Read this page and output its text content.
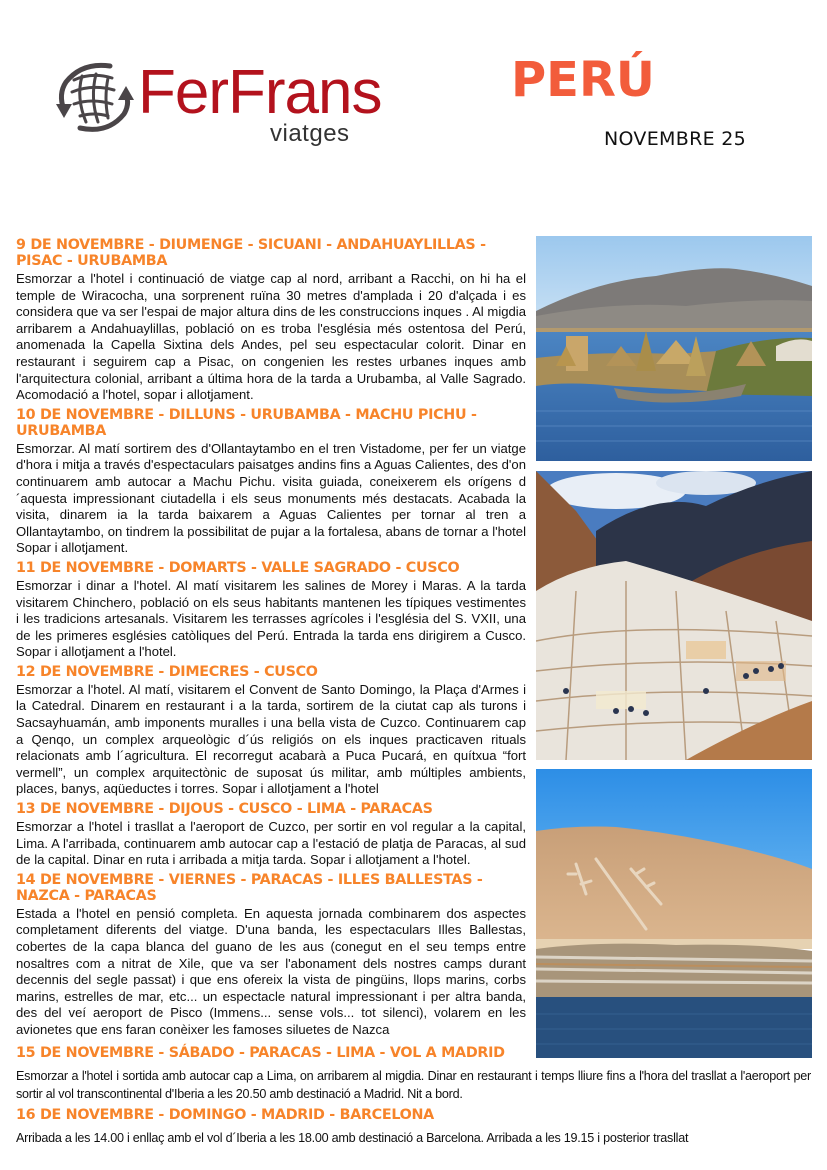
FerFrans
viatges
PERÚ
NOVEMBRE 25
9 DE NOVEMBRE - DIUMENGE - SICUANI - ANDAHUAYLILLAS - PISAC - URUBAMBA

Esmorzar a l'hotel i continuació de viatge cap al nord, arribant a Racchi, on hi ha el temple de Wiracocha, una sorprenent ruïna 30 metres d'amplada i 20 d'alçada i es considera que va ser l'espai de major altura dins de les construccions inques . Al migdia arribarem a Andahuaylillas, població on es troba l'església més ostentosa del Perú, anomenada la Capella Sixtina dels Andes, pel seu espectacular colorit. Dinar en restaurant i seguirem cap a Pisac, on congenien les restes urbanes inques amb l'arquitectura colonial, arribant a última hora de la tarda a Urubamba, al Valle Sagrado. Acomodació a l'hotel, sopar i allotjament.

10 DE NOVEMBRE - DILLUNS - URUBAMBA - MACHU PICHU - URUBAMBA

Esmorzar. Al matí sortirem des d'Ollantaytambo en el tren Vistadome, per fer un viatge d'hora i mitja a través d'espectaculars paisatges andins fins a Aguas Calientes, des d'on continuarem amb autocar a Machu Pichu. visita guiada, coneixerem els orígens d´aquesta impressionant ciutadella i els seus monuments més destacats. Acabada la visita, dinarem ia la tarda baixarem a Aguas Calientes per tornar al tren a Ollantaytambo, on tindrem la possibilitat de pujar a la fortalesa, abans de tornar a l'hotel Sopar i allotjament.

11 DE NOVEMBRE - DOMARTS - VALLE SAGRADO - CUSCO

Esmorzar i dinar a l'hotel. Al matí visitarem les salines de Morey i Maras. A la tarda visitarem Chinchero, població on els seus habitants mantenen les típiques vestimentes i les tradicions artesanals. Visitarem les terrasses agrícoles i l'església del S. VXII, una de les primeres esglésies catòliques del Perú. Entrada la tarda ens dirigirem a Cusco. Sopar i allotjament a l'hotel.

12 DE NOVEMBRE - DIMECRES - CUSCO

Esmorzar a l'hotel. Al matí, visitarem el Convent de Santo Domingo, la Plaça d'Armes i la Catedral. Dinarem en restaurant i a la tarda, sortirem de la ciutat cap als turons i Sacsayhuamán, amb imponents muralles i una bella vista de Cuzco. Continuarem cap a Qenqo, un complex arqueològic d´ús religiós on els inques practicaven rituals relacionats amb l´agricultura. El recorregut acabarà a Puca Pucará, en quítxua “fort vermell”, un complex arquitectònic de suposat ús militar, amb múltiples ambients, places, banys, aqüeductes i torres. Sopar i allotjament a l'hotel

13 DE NOVEMBRE - DIJOUS - CUSCO - LIMA - PARACAS

Esmorzar a l'hotel i trasllat a l'aeroport de Cuzco, per sortir en vol regular a la capital, Lima. A l'arribada, continuarem amb autocar cap a l'estació de platja de Paracas, al sud de la capital. Dinar en ruta i arribada a mitja tarda. Sopar i allotjament a l'hotel.

14 DE NOVEMBRE - VIERNES - PARACAS - ILLES BALLESTAS - NAZCA - PARACAS

Estada a l'hotel en pensió completa. En aquesta jornada combinarem dos aspectes completament diferents del viatge. D'una banda, les espectaculars Illes Ballestas, cobertes de la capa blanca del guano de les aus (conegut en el seu temps entre nosaltres com a nitrat de Xile, que va ser l'abonament dels nostres camps durant decennis del segle passat) i que ens ofereix la vista de pingüins, llops marins, corbs marins, estrelles de mar, etc... un espectacle natural impressionant i per altra banda, des del veí aeroport de Pisco (Immens... sense vols... tot silenci), volarem en les avionetes que ens faran conèixer les famoses siluetes de Nazca

15 DE NOVEMBRE - SÁBADO - PARACAS - LIMA - VOL A MADRID

Esmorzar a l'hotel i sortida amb autocar cap a Lima, on arribarem al migdia. Dinar en restaurant i temps lliure fins a l'hora del trasllat a l'aeroport per sortir al vol transcontinental d'Iberia a les 20.50 amb destinació a Madrid. Nit a bord.

16 DE NOVEMBRE - DOMINGO - MADRID - BARCELONA

Arribada a les 14.00 i enllaç amb el vol d´Iberia a les 18.00 amb destinació a Barcelona. Arribada a les 19.15 i posterior trasllat
